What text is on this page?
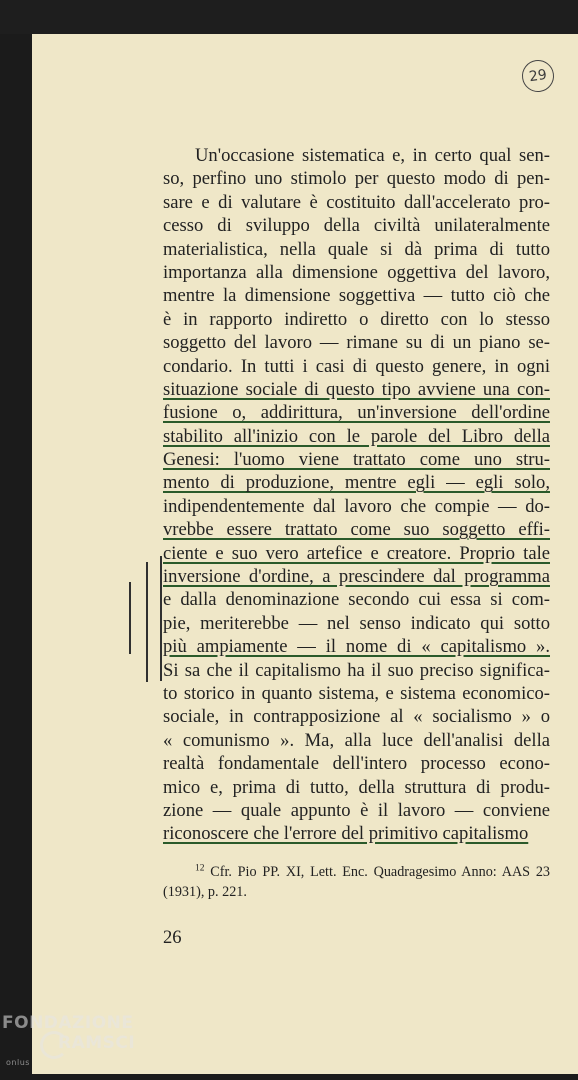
29
Un'occasione sistematica e, in certo qual sen-
so, perfino uno stimolo per questo modo di pen-
sare e di valutare è costituito dall'accelerato pro-
cesso di sviluppo della civiltà unilateralmente
materialistica, nella quale si dà prima di tutto
importanza alla dimensione oggettiva del lavoro,
mentre la dimensione soggettiva — tutto ciò che
è in rapporto indiretto o diretto con lo stesso
soggetto del lavoro — rimane su di un piano se-
condario. In tutti i casi di questo genere, in ogni
situazione sociale di questo tipo avviene una con-
fusione o, addirittura, un'inversione dell'ordine
stabilito all'inizio con le parole del Libro della
Genesi: l'uomo viene trattato come uno stru-
mento di produzione, mentre egli — egli solo,
indipendentemente dal lavoro che compie — do-
vrebbe essere trattato come suo soggetto effi-
ciente e suo vero artefice e creatore. Proprio tale
inversione d'ordine, a prescindere dal programma
e dalla denominazione secondo cui essa si com-
pie, meriterebbe — nel senso indicato qui sotto
più ampiamente — il nome di « capitalismo ».
Si sa che il capitalismo ha il suo preciso significa-
to storico in quanto sistema, e sistema economico-
sociale, in contrapposizione al « socialismo » o
« comunismo ». Ma, alla luce dell'analisi della
realtà fondamentale dell'intero processo econo-
mico e, prima di tutto, della struttura di produ-
zione — quale appunto è il lavoro — conviene
riconoscere che l'errore del primitivo capitalismo
$^{12}$ Cfr. Pio PP. XI, Lett. Enc. Quadragesimo Anno: AAS 23
(1931), p. 221.
26
FONDAZIONE
RAMSCI
onlus
